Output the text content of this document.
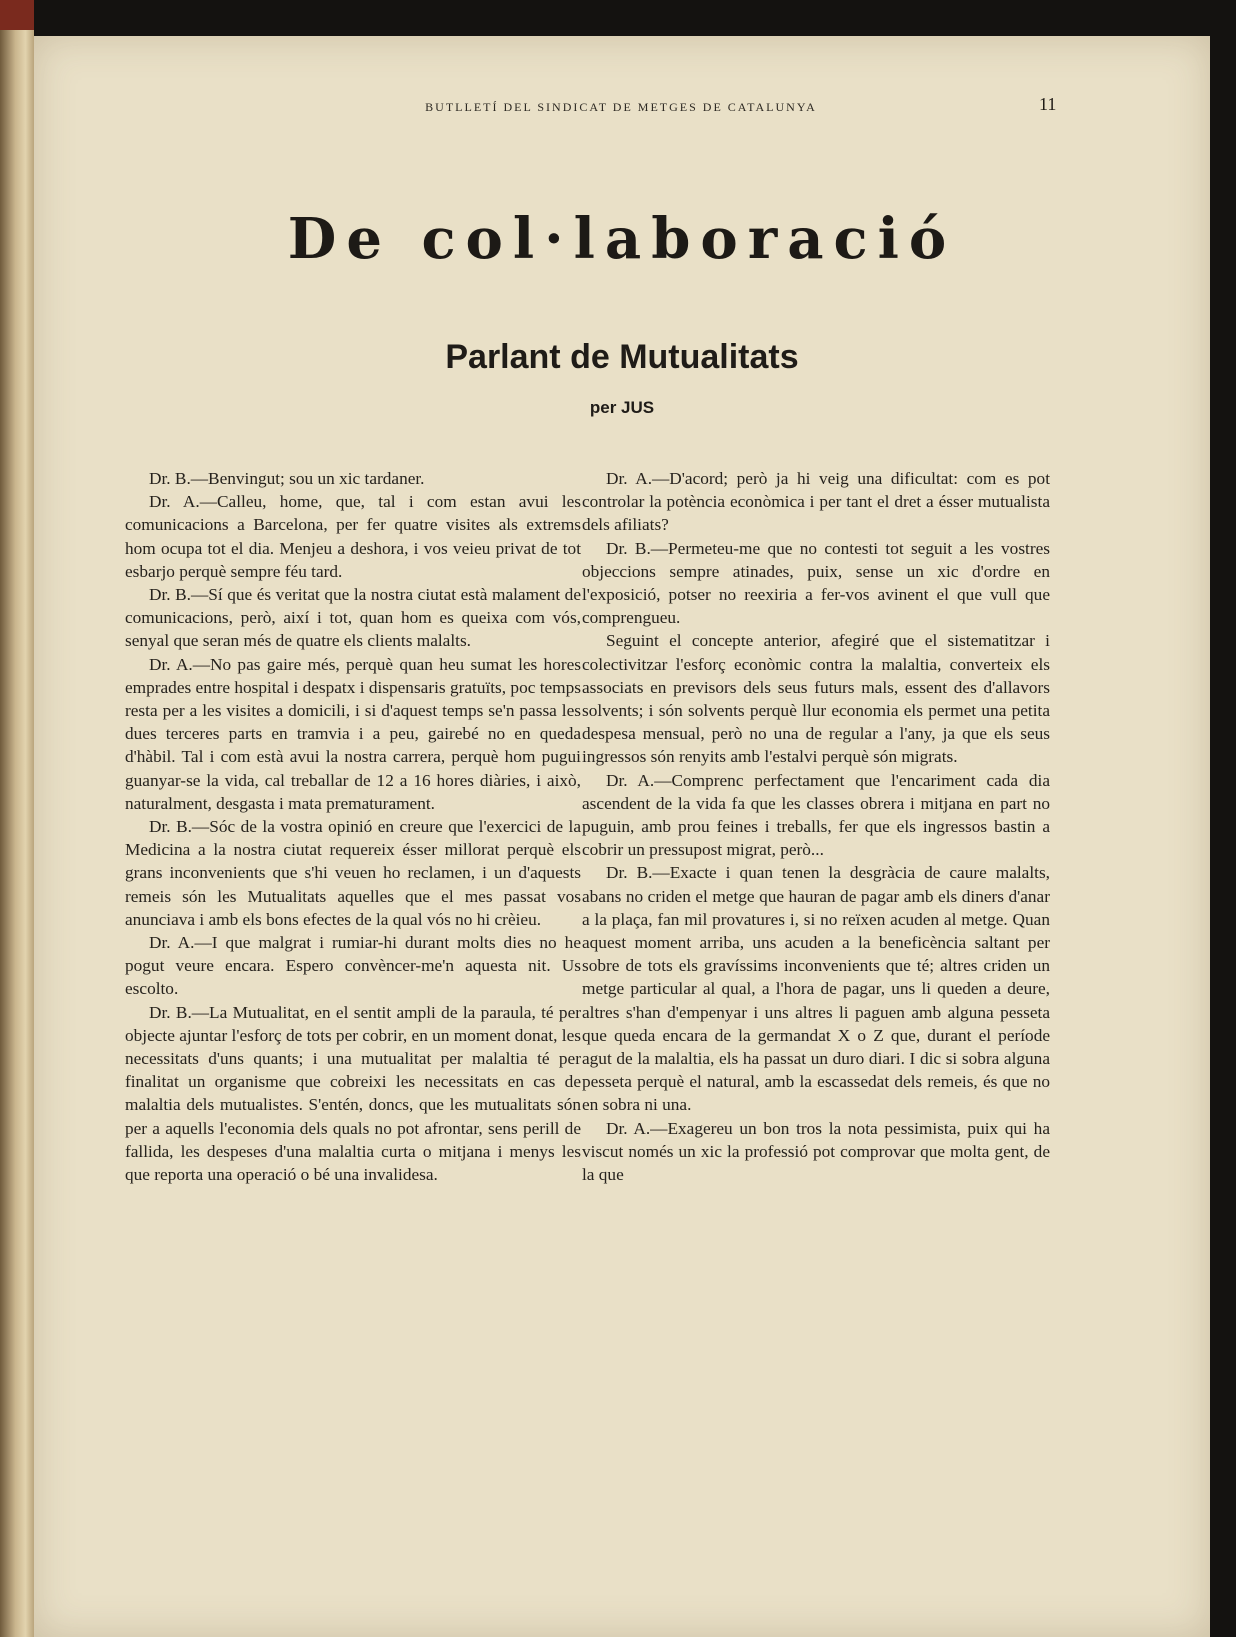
BUTLLETÍ DEL SINDICAT DE METGES DE CATALUNYA	11
De col·laboració
Parlant de Mutualitats
per JUS

Dr. B.—Benvingut; sou un xic tardaner.

Dr. A.—Calleu, home, que, tal i com estan avui les comunicacions a Barcelona, per fer quatre visites als extrems hom ocupa tot el dia. Menjeu a deshora, i vos veieu privat de tot esbarjo perquè sempre féu tard.

Dr. B.—Sí que és veritat que la nostra ciutat està malament de comunicacions, però, així i tot, quan hom es queixa com vós, senyal que seran més de quatre els clients malalts.

Dr. A.—No pas gaire més, perquè quan heu sumat les hores emprades entre hospital i despatx i dispensaris gratuïts, poc temps resta per a les visites a domicili, i si d'aquest temps se'n passa les dues terceres parts en tramvia i a peu, gairebé no en queda d'hàbil. Tal i com està avui la nostra carrera, perquè hom pugui guanyar-se la vida, cal treballar de 12 a 16 hores diàries, i això, naturalment, desgasta i mata prematurament.

Dr. B.—Sóc de la vostra opinió en creure que l'exercici de la Medicina a la nostra ciutat requereix ésser millorat perquè els grans inconvenients que s'hi veuen ho reclamen, i un d'aquests remeis són les Mutualitats aquelles que el mes passat vos anunciava i amb els bons efectes de la qual vós no hi crèieu.

Dr. A.—I que malgrat i rumiar-hi durant molts dies no he pogut veure encara. Espero convèncer-me'n aquesta nit. Us escolto.

Dr. B.—La Mutualitat, en el sentit ampli de la paraula, té per objecte ajuntar l'esforç de tots per cobrir, en un moment donat, les necessitats d'uns quants; i una mutualitat per malaltia té per finalitat un organisme que cobreixi les necessitats en cas de malaltia dels mutualistes. S'entén, doncs, que les mutualitats són per a aquells l'economia dels quals no pot afrontar, sens perill de fallida, les despeses d'una malaltia curta o mitjana i menys les que reporta una operació o bé una invalidesa.

Dr. A.—D'acord; però ja hi veig una dificultat: com es pot controlar la potència econòmica i per tant el dret a ésser mutualista dels afiliats?

Dr. B.—Permeteu-me que no contesti tot seguit a les vostres objeccions sempre atinades, puix, sense un xic d'ordre en l'exposició, potser no reexiria a fer-vos avinent el que vull que comprengueu.

Seguint el concepte anterior, afegiré que el sistematitzar i colectivitzar l'esforç econòmic contra la malaltia, converteix els associats en previsors dels seus futurs mals, essent des d'allavors solvents; i són solvents perquè llur economia els permet una petita despesa mensual, però no una de regular a l'any, ja que els seus ingressos són renyits amb l'estalvi perquè són migrats.

Dr. A.—Comprenc perfectament que l'encariment cada dia ascendent de la vida fa que les classes obrera i mitjana en part no puguin, amb prou feines i treballs, fer que els ingressos bastin a cobrir un pressupost migrat, però...

Dr. B.—Exacte i quan tenen la desgràcia de caure malalts, abans no criden el metge que hauran de pagar amb els diners d'anar a la plaça, fan mil provatures i, si no reïxen acuden al metge. Quan aquest moment arriba, uns acuden a la beneficència saltant per sobre de tots els gravíssims inconvenients que té; altres criden un metge particular al qual, a l'hora de pagar, uns li queden a deure, altres s'han d'empenyar i uns altres li paguen amb alguna pesseta que queda encara de la germandat X o Z que, durant el període agut de la malaltia, els ha passat un duro diari. I dic si sobra alguna pesseta perquè el natural, amb la escassedat dels remeis, és que no en sobra ni una.

Dr. A.—Exagereu un bon tros la nota pessimista, puix qui ha viscut només un xic la professió pot comprovar que molta gent, de la que
